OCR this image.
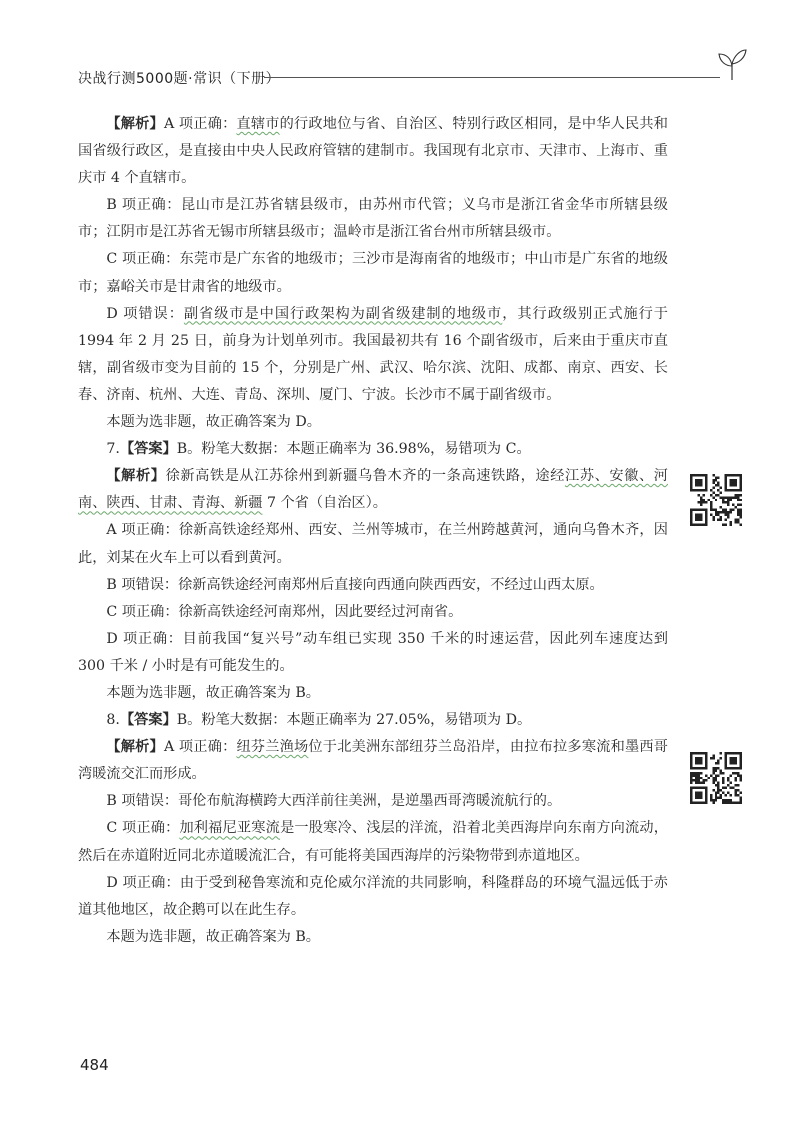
决战行测5000题·常识（下册）

【解析】A 项正确：直辖市的行政地位与省、自治区、特别行政区相同，是中华人民共和国省级行政区，是直接由中央人民政府管辖的建制市。我国现有北京市、天津市、上海市、重庆市 4 个直辖市。

B 项正确：昆山市是江苏省辖县级市，由苏州市代管；义乌市是浙江省金华市所辖县级市；江阴市是江苏省无锡市所辖县级市；温岭市是浙江省台州市所辖县级市。

C 项正确：东莞市是广东省的地级市；三沙市是海南省的地级市；中山市是广东省的地级市；嘉峪关市是甘肃省的地级市。

D 项错误：副省级市是中国行政架构为副省级建制的地级市，其行政级别正式施行于 1994 年 2 月 25 日，前身为计划单列市。我国最初共有 16 个副省级市，后来由于重庆市直辖，副省级市变为目前的 15 个，分别是广州、武汉、哈尔滨、沈阳、成都、南京、西安、长春、济南、杭州、大连、青岛、深圳、厦门、宁波。长沙市不属于副省级市。

本题为选非题，故正确答案为 D。

7.【答案】B。粉笔大数据：本题正确率为 36.98%，易错项为 C。

【解析】徐新高铁是从江苏徐州到新疆乌鲁木齐的一条高速铁路，途经江苏、安徽、河南、陕西、甘肃、青海、新疆 7 个省（自治区）。

A 项正确：徐新高铁途经郑州、西安、兰州等城市，在兰州跨越黄河，通向乌鲁木齐，因此，刘某在火车上可以看到黄河。

B 项错误：徐新高铁途经河南郑州后直接向西通向陕西西安，不经过山西太原。

C 项正确：徐新高铁途经河南郑州，因此要经过河南省。

D 项正确：目前我国“复兴号”动车组已实现 350 千米的时速运营，因此列车速度达到 300 千米 / 小时是有可能发生的。

本题为选非题，故正确答案为 B。

8.【答案】B。粉笔大数据：本题正确率为 27.05%，易错项为 D。

【解析】A 项正确：纽芬兰渔场位于北美洲东部纽芬兰岛沿岸，由拉布拉多寒流和墨西哥湾暖流交汇而形成。

B 项错误：哥伦布航海横跨大西洋前往美洲，是逆墨西哥湾暖流航行的。

C 项正确：加利福尼亚寒流是一股寒冷、浅层的洋流，沿着北美西海岸向东南方向流动，然后在赤道附近同北赤道暖流汇合，有可能将美国西海岸的污染物带到赤道地区。

D 项正确：由于受到秘鲁寒流和克伦威尔洋流的共同影响，科隆群岛的环境气温远低于赤道其他地区，故企鹅可以在此生存。

本题为选非题，故正确答案为 B。

484
